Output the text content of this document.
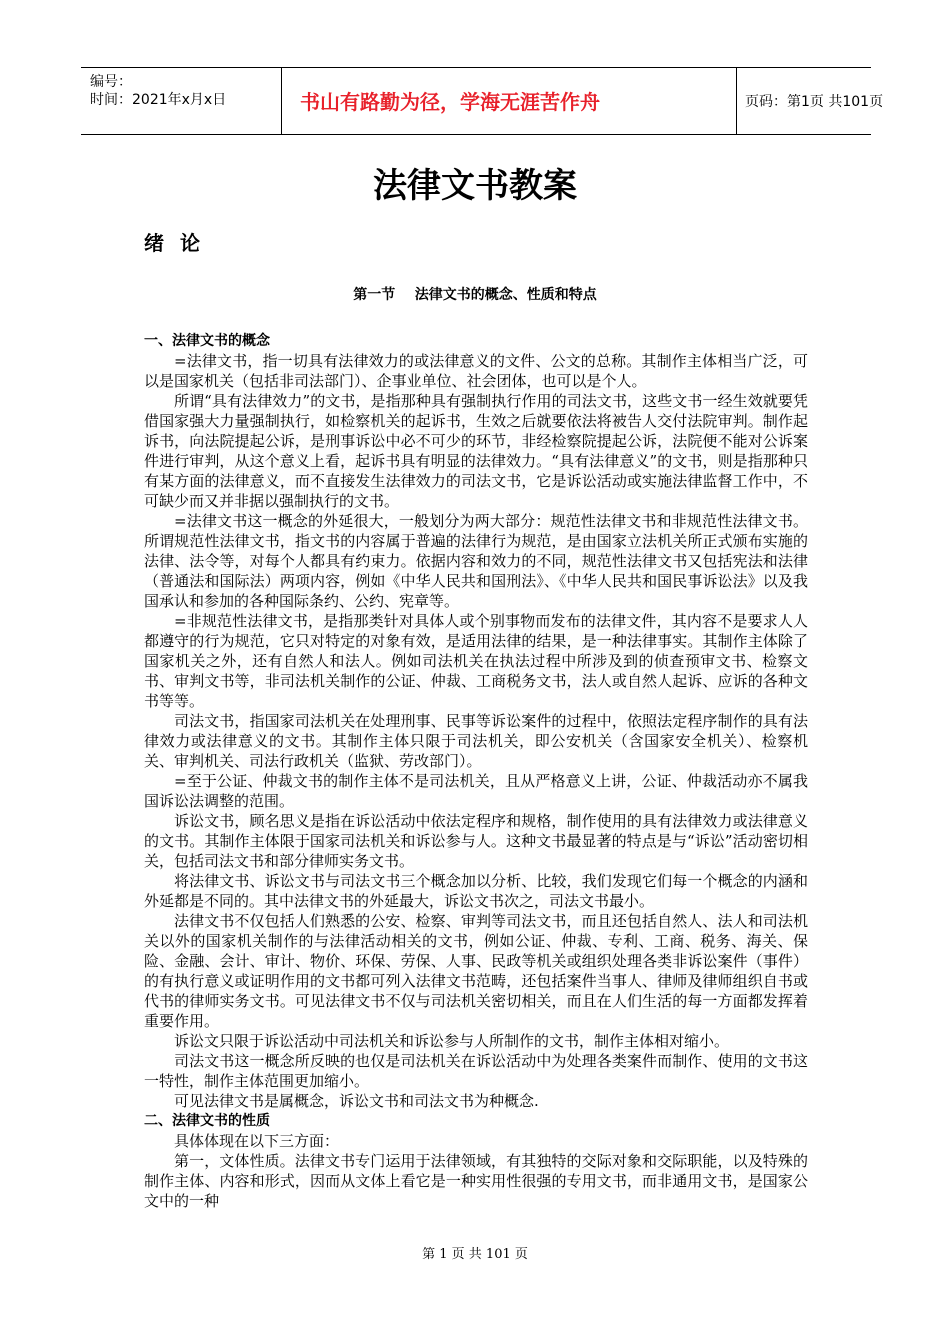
编号：
时间：2021年x月x日	书山有路勤为径，学海无涯苦作舟	页码：第1页 共101页
法律文书教案
绪论
第一节    法律文书的概念、性质和特点
一、法律文书的概念

=法律文书，指一切具有法律效力的或法律意义的文件、公文的总称。其制作主体相当广泛，可以是国家机关（包括非司法部门）、企事业单位、社会团体，也可以是个人。

所谓“具有法律效力”的文书，是指那种具有强制执行作用的司法文书，这些文书一经生效就要凭借国家强大力量强制执行，如检察机关的起诉书，生效之后就要依法将被告人交付法院审判。制作起诉书，向法院提起公诉，是刑事诉讼中必不可少的环节，非经检察院提起公诉，法院便不能对公诉案件进行审判，从这个意义上看，起诉书具有明显的法律效力。“具有法律意义”的文书，则是指那种只有某方面的法律意义，而不直接发生法律效力的司法文书，它是诉讼活动或实施法律监督工作中，不可缺少而又并非据以强制执行的文书。

=法律文书这一概念的外延很大，一般划分为两大部分：规范性法律文书和非规范性法律文书。所谓规范性法律文书，指文书的内容属于普遍的法律行为规范，是由国家立法机关所正式颁布实施的法律、法令等，对每个人都具有约束力。依据内容和效力的不同，规范性法律文书又包括宪法和法律（普通法和国际法）两项内容，例如《中华人民共和国刑法》、《中华人民共和国民事诉讼法》以及我国承认和参加的各种国际条约、公约、宪章等。

=非规范性法律文书，是指那类针对具体人或个别事物而发布的法律文件，其内容不是要求人人都遵守的行为规范，它只对特定的对象有效，是适用法律的结果，是一种法律事实。其制作主体除了国家机关之外，还有自然人和法人。例如司法机关在执法过程中所涉及到的侦查预审文书、检察文书、审判文书等，非司法机关制作的公证、仲裁、工商税务文书，法人或自然人起诉、应诉的各种文书等等。

司法文书，指国家司法机关在处理刑事、民事等诉讼案件的过程中，依照法定程序制作的具有法律效力或法律意义的文书。其制作主体只限于司法机关，即公安机关（含国家安全机关）、检察机关、审判机关、司法行政机关（监狱、劳改部门）。

=至于公证、仲裁文书的制作主体不是司法机关，且从严格意义上讲，公证、仲裁活动亦不属我国诉讼法调整的范围。

诉讼文书，顾名思义是指在诉讼活动中依法定程序和规格，制作使用的具有法律效力或法律意义的文书。其制作主体限于国家司法机关和诉讼参与人。这种文书最显著的特点是与“诉讼”活动密切相关，包括司法文书和部分律师实务文书。

将法律文书、诉讼文书与司法文书三个概念加以分析、比较，我们发现它们每一个概念的内涵和外延都是不同的。其中法律文书的外延最大，诉讼文书次之，司法文书最小。

法律文书不仅包括人们熟悉的公安、检察、审判等司法文书，而且还包括自然人、法人和司法机关以外的国家机关制作的与法律活动相关的文书，例如公证、仲裁、专利、工商、税务、海关、保险、金融、会计、审计、物价、环保、劳保、人事、民政等机关或组织处理各类非诉讼案件（事件）的有执行意义或证明作用的文书都可列入法律文书范畴，还包括案件当事人、律师及律师组织自书或代书的律师实务文书。可见法律文书不仅与司法机关密切相关，而且在人们生活的每一方面都发挥着重要作用。

诉讼文只限于诉讼活动中司法机关和诉讼参与人所制作的文书，制作主体相对缩小。

司法文书这一概念所反映的也仅是司法机关在诉讼活动中为处理各类案件而制作、使用的文书这一特性，制作主体范围更加缩小。

可见法律文书是属概念，诉讼文书和司法文书为种概念.

二、法律文书的性质

具体体现在以下三方面：

第一，文体性质。法律文书专门运用于法律领域，有其独特的交际对象和交际职能，以及特殊的制作主体、内容和形式，因而从文体上看它是一种实用性很强的专用文书，而非通用文书，是国家公文中的一种

第 1 页 共 101 页
